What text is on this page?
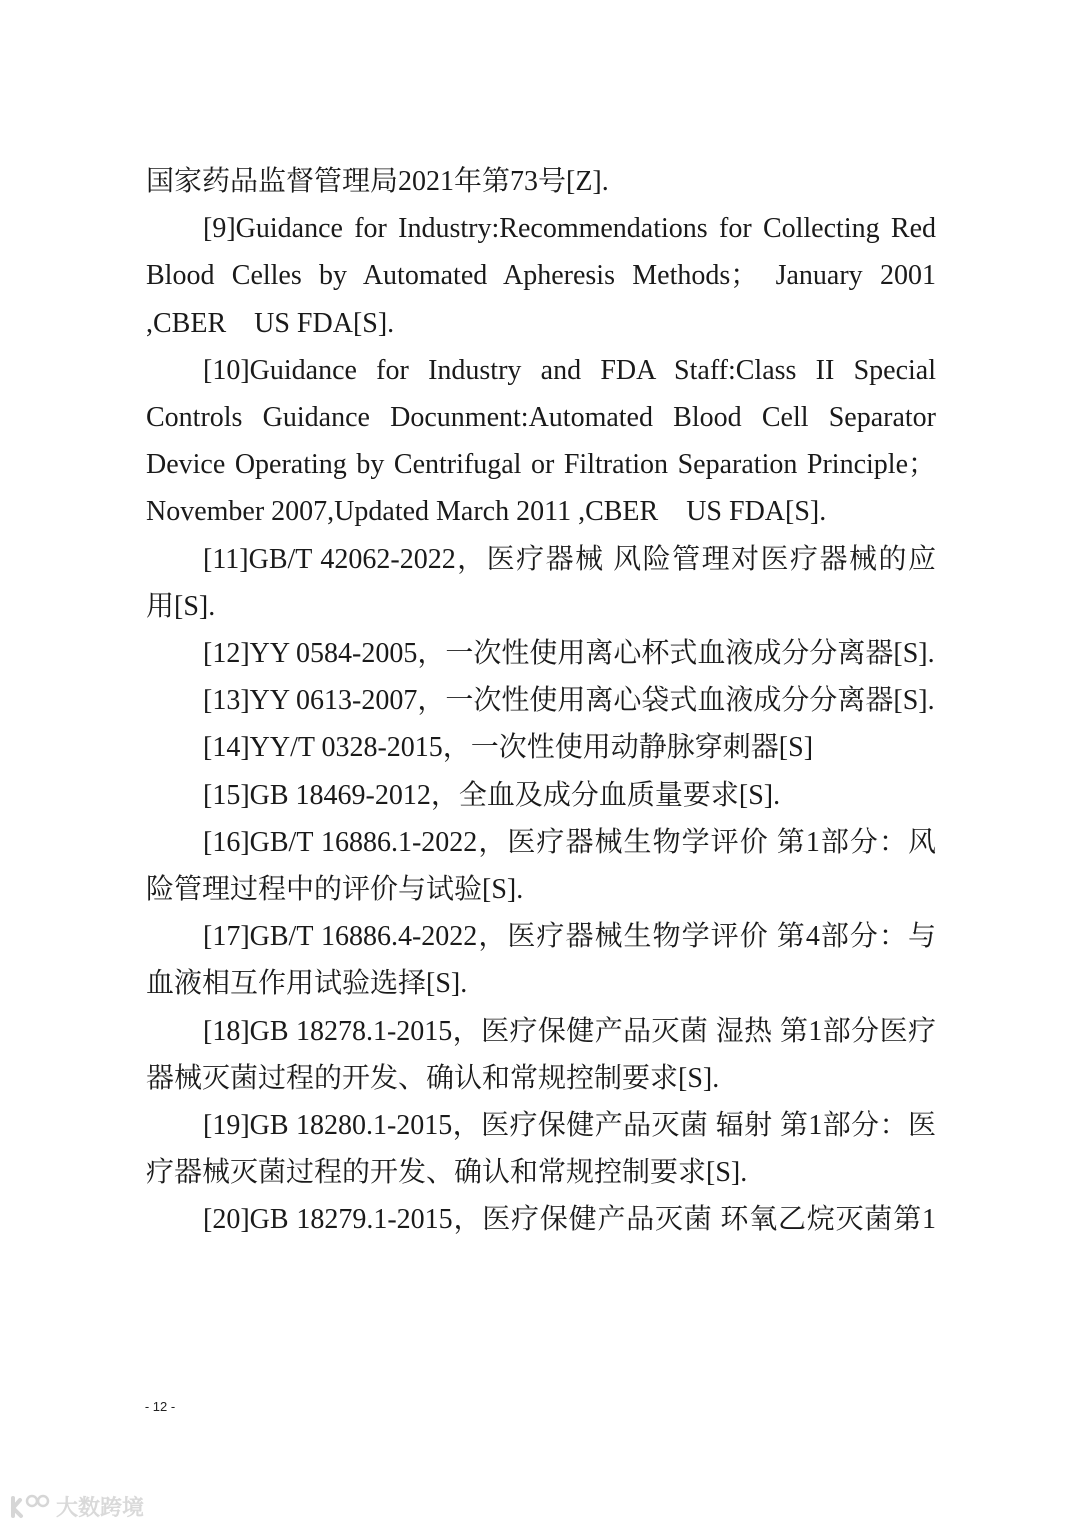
国家药品监督管理局2021年第73号[Z].

[9]Guidance for Industry:Recommendations for Collecting Red Blood Celles by Automated Apheresis Methods； January 2001 ,CBER　US FDA[S].

[10]Guidance for Industry and FDA Staff:Class II Special Controls Guidance Docunment:Automated Blood Cell Separator Device Operating by Centrifugal or Filtration Separation Principle；November 2007,Updated March 2011 ,CBER　US FDA[S].

[11]GB/T 42062-2022，医疗器械 风险管理对医疗器械的应用[S].

[12]YY 0584-2005，一次性使用离心杯式血液成分分离器[S].

[13]YY 0613-2007，一次性使用离心袋式血液成分分离器[S].

[14]YY/T 0328-2015，一次性使用动静脉穿刺器[S]

[15]GB 18469-2012，全血及成分血质量要求[S].

[16]GB/T 16886.1-2022，医疗器械生物学评价 第1部分：风险管理过程中的评价与试验[S].

[17]GB/T 16886.4-2022，医疗器械生物学评价 第4部分：与血液相互作用试验选择[S].

[18]GB 18278.1-2015，医疗保健产品灭菌 湿热 第1部分医疗器械灭菌过程的开发、确认和常规控制要求[S].

[19]GB 18280.1-2015，医疗保健产品灭菌 辐射 第1部分：医疗器械灭菌过程的开发、确认和常规控制要求[S].

[20]GB 18279.1-2015，医疗保健产品灭菌 环氧乙烷灭菌第1

- 12 -
大数跨境
